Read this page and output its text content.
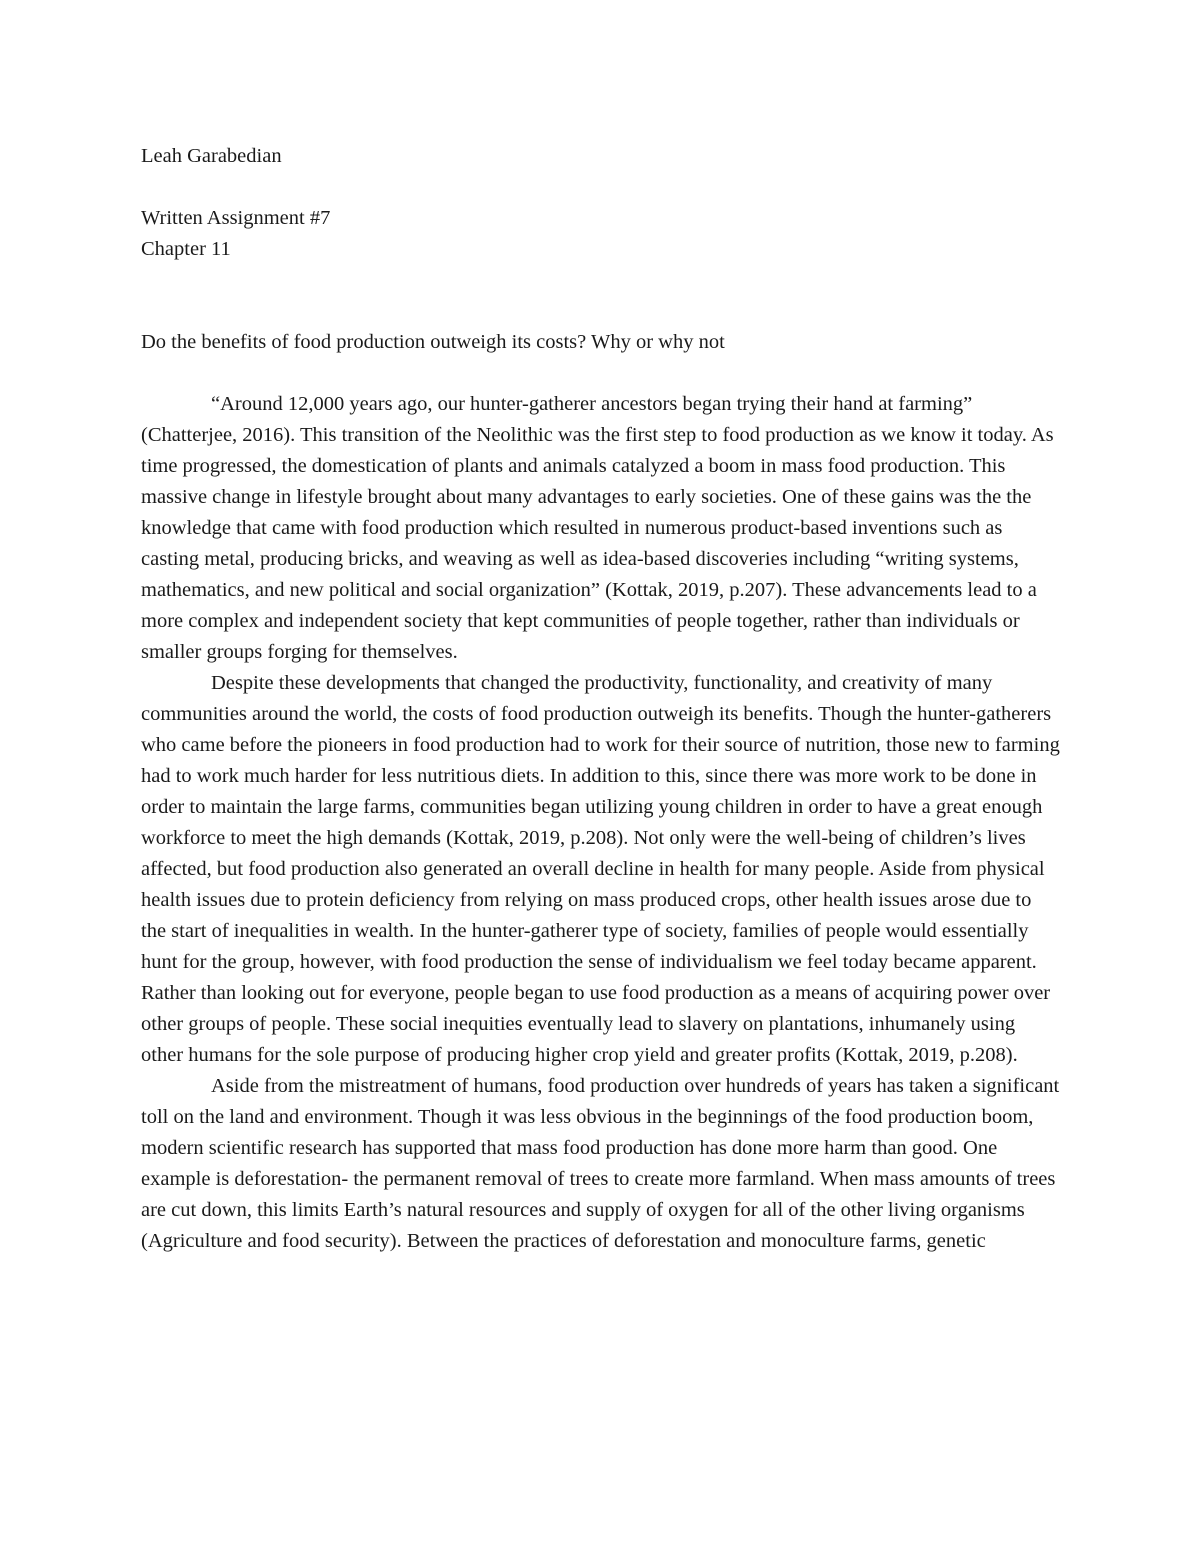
Leah Garabedian
Written Assignment #7
Chapter 11
Do the benefits of food production outweigh its costs? Why or why not

“Around 12,000 years ago, our hunter-gatherer ancestors began trying their hand at farming” (Chatterjee, 2016). This transition of the Neolithic was the first step to food production as we know it today. As time progressed, the domestication of plants and animals catalyzed a boom in mass food production. This massive change in lifestyle brought about many advantages to early societies. One of these gains was the the knowledge that came with food production which resulted in numerous product-based inventions such as casting metal, producing bricks, and weaving as well as idea-based discoveries including “writing systems, mathematics, and new political and social organization” (Kottak, 2019, p.207). These advancements lead to a more complex and independent society that kept communities of people together, rather than individuals or smaller groups forging for themselves.

Despite these developments that changed the productivity, functionality, and creativity of many communities around the world, the costs of food production outweigh its benefits. Though the hunter-gatherers who came before the pioneers in food production had to work for their source of nutrition, those new to farming had to work much harder for less nutritious diets. In addition to this, since there was more work to be done in order to maintain the large farms, communities began utilizing young children in order to have a great enough workforce to meet the high demands (Kottak, 2019, p.208). Not only were the well-being of children’s lives affected, but food production also generated an overall decline in health for many people. Aside from physical health issues due to protein deficiency from relying on mass produced crops, other health issues arose due to the start of inequalities in wealth. In the hunter-gatherer type of society, families of people would essentially hunt for the group, however, with food production the sense of individualism we feel today became apparent. Rather than looking out for everyone, people began to use food production as a means of acquiring power over other groups of people. These social inequities eventually lead to slavery on plantations, inhumanely using other humans for the sole purpose of producing higher crop yield and greater profits (Kottak, 2019, p.208).

Aside from the mistreatment of humans, food production over hundreds of years has taken a significant toll on the land and environment. Though it was less obvious in the beginnings of the food production boom, modern scientific research has supported that mass food production has done more harm than good. One example is deforestation- the permanent removal of trees to create more farmland. When mass amounts of trees are cut down, this limits Earth’s natural resources and supply of oxygen for all of the other living organisms (Agriculture and food security). Between the practices of deforestation and monoculture farms, genetic
